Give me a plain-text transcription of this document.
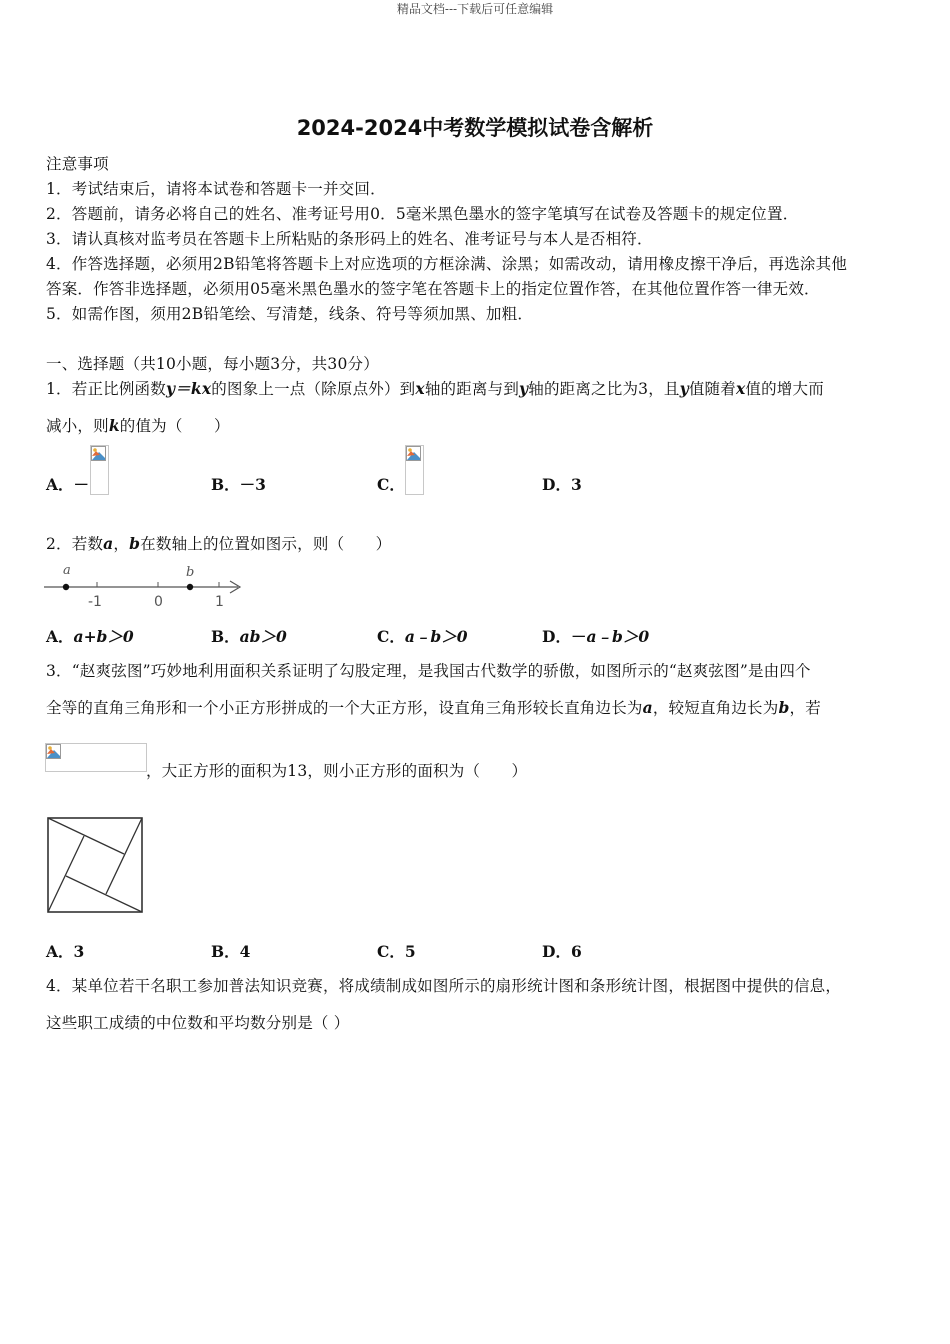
精品文档---下载后可任意编辑
2024-2024中考数学模拟试卷含解析
注意事项
1．考试结束后，请将本试卷和答题卡一并交回．
2．答题前，请务必将自己的姓名、准考证号用0．5毫米黑色墨水的签字笔填写在试卷及答题卡的规定位置．
3．请认真核对监考员在答题卡上所粘贴的条形码上的姓名、准考证号与本人是否相符．
4．作答选择题，必须用2B铅笔将答题卡上对应选项的方框涂满、涂黑；如需改动，请用橡皮擦干净后，再选涂其他
答案．作答非选择题，必须用05毫米黑色墨水的签字笔在答题卡上的指定位置作答，在其他位置作答一律无效．
5．如需作图，须用2B铅笔绘、写清楚，线条、符号等须加黑、加粗．
一、选择题（共10小题，每小题3分，共30分）
1．若正比例函数y＝kx的图象上一点（除原点外）到x轴的距离与到y轴的距离之比为3，且y值随着x值的增大而
减小，则k的值为（　　）
A．－	B．－3	C．	D．3
2．若数a，b在数轴上的位置如图示，则（　　）
a	b
-1	0	1
A．a+b＞0	B．ab＞0	C．a﹣b＞0	D．－a﹣b＞0
3．“赵爽弦图”巧妙地利用面积关系证明了勾股定理，是我国古代数学的骄傲，如图所示的“赵爽弦图”是由四个
全等的直角三角形和一个小正方形拼成的一个大正方形，设直角三角形较长直角边长为a，较短直角边长为b，若
，大正方形的面积为13，则小正方形的面积为（　　）
A．3	B．4	C．5	D．6
4．某单位若干名职工参加普法知识竞赛，将成绩制成如图所示的扇形统计图和条形统计图，根据图中提供的信息，
这些职工成绩的中位数和平均数分别是（ ）
